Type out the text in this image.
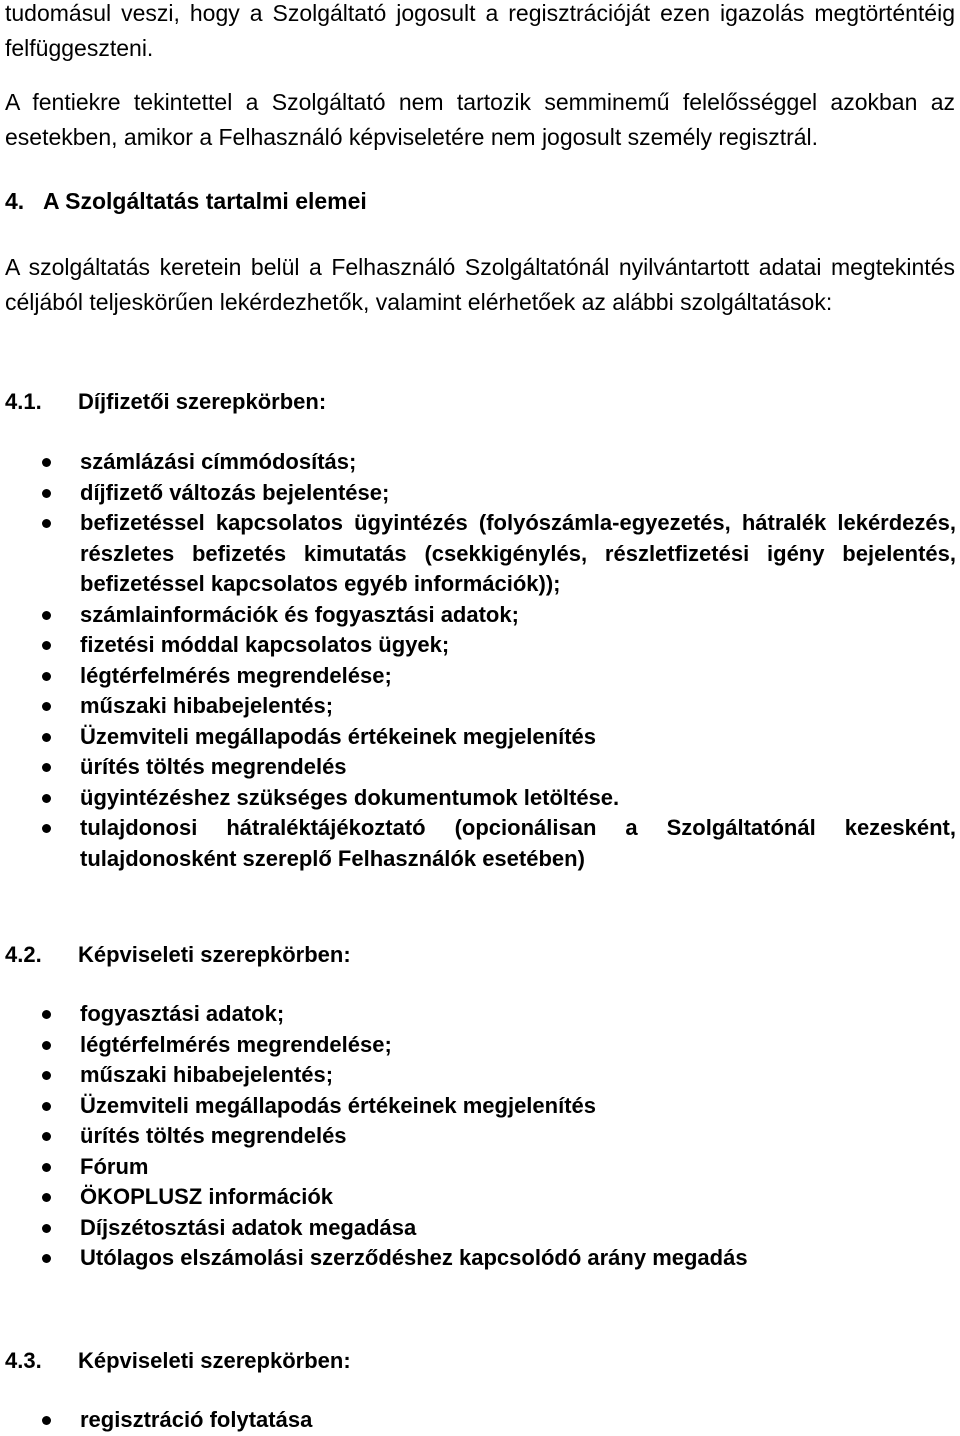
tudomásul veszi, hogy a Szolgáltató jogosult a regisztrációját ezen igazolás megtörténtéig felfüggeszteni.

A fentiekre tekintettel a Szolgáltató nem tartozik semminemű felelősséggel azokban az esetekben, amikor a Felhasználó képviseletére nem jogosult személy regisztrál.

4. A Szolgáltatás tartalmi elemei

A szolgáltatás keretein belül a Felhasználó Szolgáltatónál nyilvántartott adatai megtekintés céljából teljeskörűen lekérdezhetők, valamint elérhetőek az alábbi szolgáltatások:

4.1. Díjfizetői szerepkörben:
számlázási címmódosítás;
díjfizető változás bejelentése;
befizetéssel kapcsolatos ügyintézés (folyószámla-egyezetés, hátralék lekérdezés, részletes befizetés kimutatás (csekkigénylés, részletfizetési igény bejelentés, befizetéssel kapcsolatos egyéb információk));
számlainformációk és fogyasztási adatok;
fizetési móddal kapcsolatos ügyek;
légtérfelmérés megrendelése;
műszaki hibabejelentés;
Üzemviteli megállapodás értékeinek megjelenítés
ürítés töltés megrendelés
ügyintézéshez szükséges dokumentumok letöltése.
tulajdonosi hátraléktájékoztató (opcionálisan a Szolgáltatónál kezesként, tulajdonosként szereplő Felhasználók esetében)
4.2. Képviseleti szerepkörben:
fogyasztási adatok;
légtérfelmérés megrendelése;
műszaki hibabejelentés;
Üzemviteli megállapodás értékeinek megjelenítés
ürítés töltés megrendelés
Fórum
ÖKOPLUSZ információk
Díjszétosztási adatok megadása
Utólagos elszámolási szerződéshez kapcsolódó arány megadás
4.3. Képviseleti szerepkörben:
regisztráció folytatása
